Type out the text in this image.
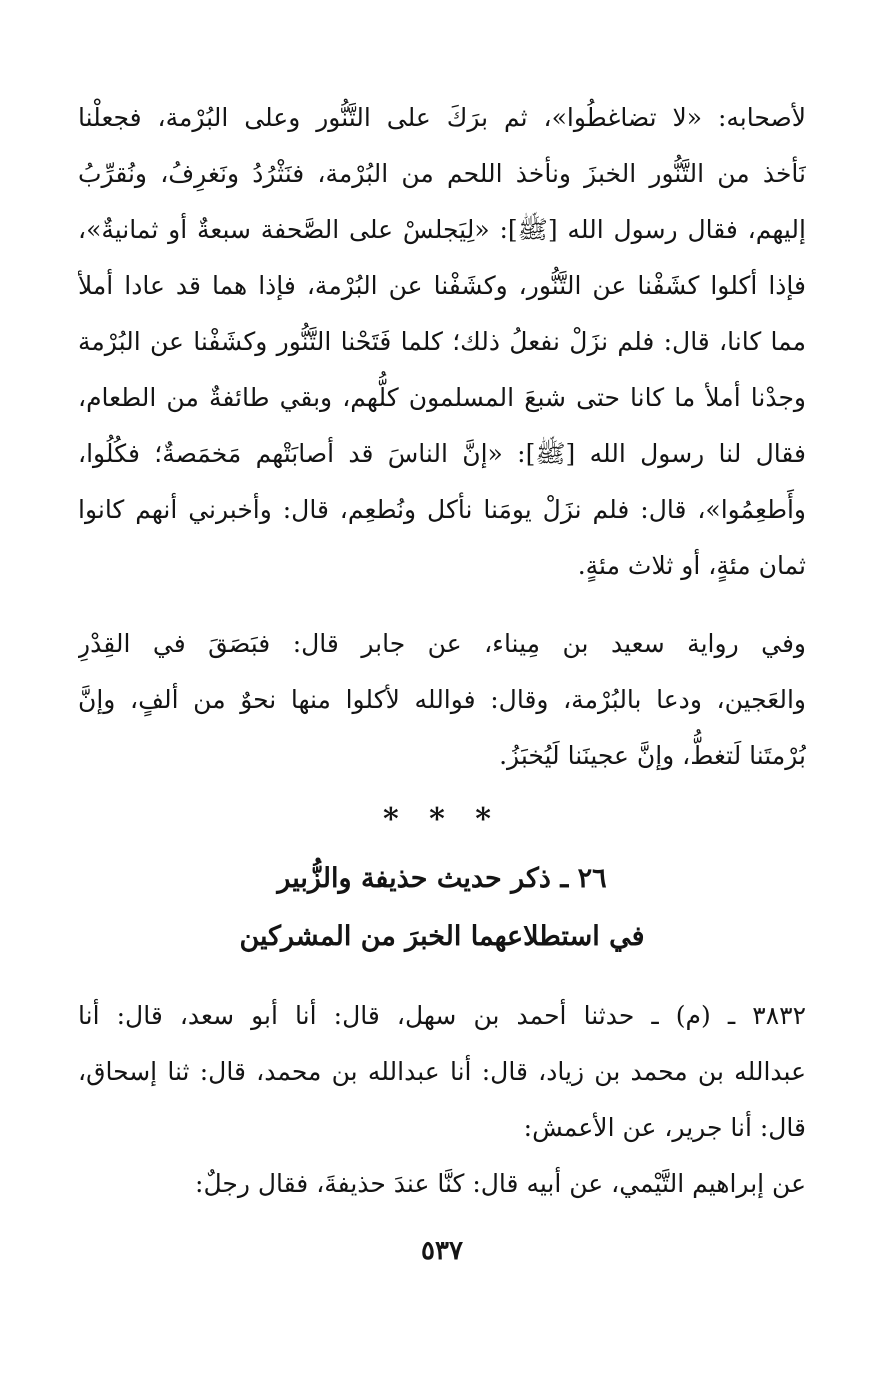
لأصحابه: «لا تضاغطُوا»، ثم برَكَ على التَّنُّور وعلى البُرْمة، فجعلْنا
نَأخذ من التَّنُّور الخبزَ ونأخذ اللحم من البُرْمة، فنَثْرُدُ ونَغرِفُ، ونُقرِّبُ
إليهم، فقال رسول الله [ﷺ]: «لِيَجلسْ على الصَّحفة سبعةٌ أو ثمانيةٌ»،
فإذا أكلوا كشَفْنا عن التَّنُّور، وكشَفْنا عن البُرْمة، فإذا هما قد عادا أملأ
مما كانا، قال: فلم نزَلْ نفعلُ ذلك؛ كلما فَتَحْنا التَّنُّور وكشَفْنا عن البُرْمة
وجدْنا أملأ ما كانا حتى شبعَ المسلمون كلُّهم، وبقي طائفةٌ من الطعام،
فقال لنا رسول الله [ﷺ]: «إنَّ الناسَ قد أصابَتْهم مَخمَصةٌ؛ فكُلُوا،
وأَطعِمُوا»، قال: فلم نزَلْ يومَنا نأكل ونُطعِم، قال: وأخبرني أنهم كانوا
ثمان مئةٍ، أو ثلاث مئةٍ.
وفي رواية سعيد بن مِيناء، عن جابر قال: فبَصَقَ في القِدْرِ
والعَجين، ودعا بالبُرْمة، وقال: فوالله لأكلوا منها نحوٌ من ألفٍ، وإنَّ
بُرْمتَنا لَتغطُّ، وإنَّ عجينَنا لَيُخبَزُ.
* * *
٢٦ ـ ذكر حديث حذيفة والزُّبير
في استطلاعهما الخبرَ من المشركين
٣٨٣٢ ـ (م) ـ حدثنا أحمد بن سهل، قال: أنا أبو سعد، قال: أنا
عبدالله بن محمد بن زياد، قال: أنا عبدالله بن محمد، قال: ثنا إسحاق،
قال: أنا جرير، عن الأعمش:
عن إبراهيم التَّيْمي، عن أبيه قال: كنَّا عندَ حذيفةَ، فقال رجلٌ:
٥٣٧
